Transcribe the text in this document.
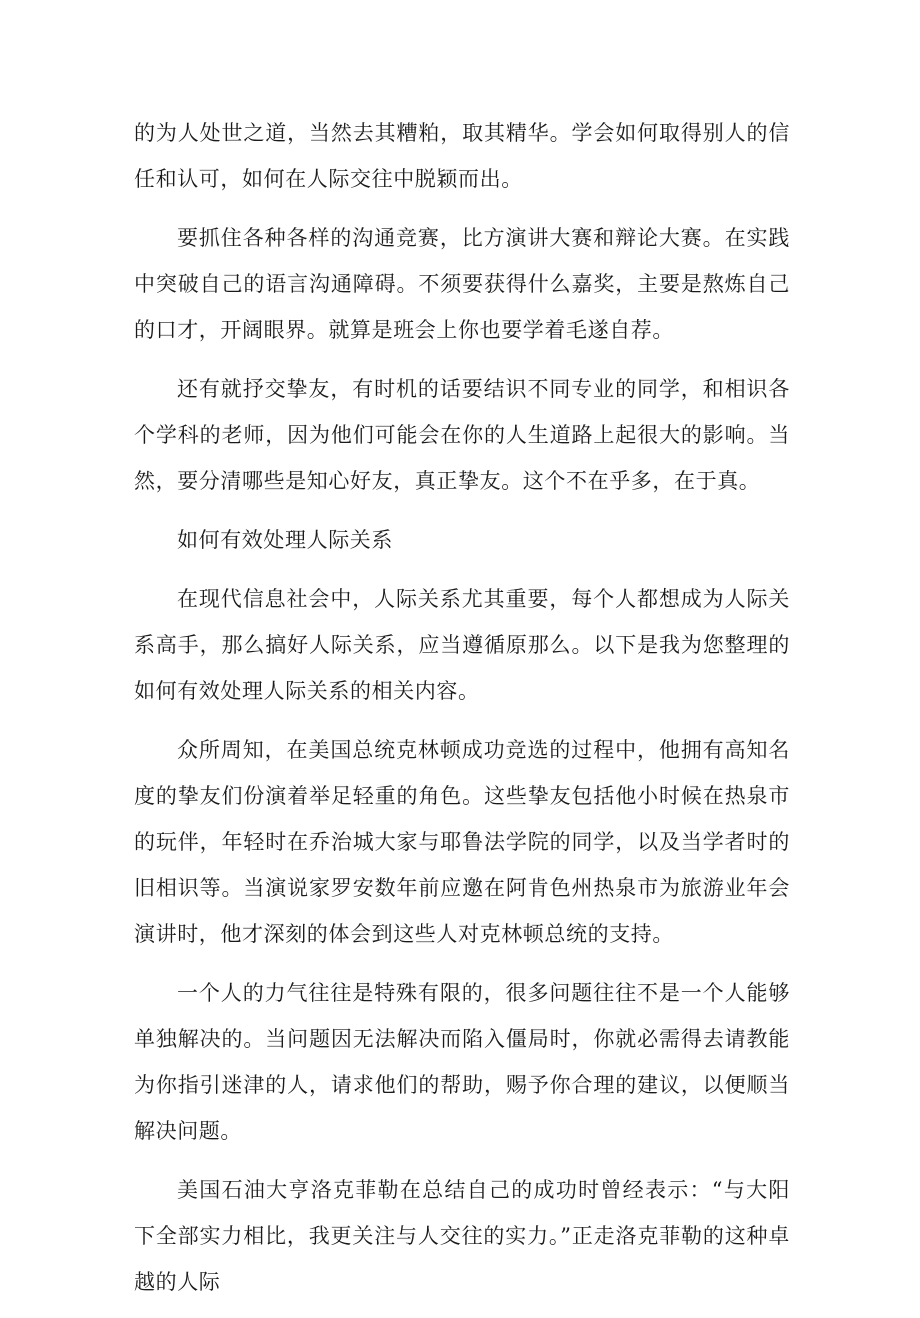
的为人处世之道，当然去其糟粕，取其精华。学会如何取得别人的信任和认可，如何在人际交往中脱颖而出。

要抓住各种各样的沟通竞赛，比方演讲大赛和辩论大赛。在实践中突破自己的语言沟通障碍。不须要获得什么嘉奖，主要是熬炼自己的口才，开阔眼界。就算是班会上你也要学着毛遂自荐。

还有就抒交挚友，有时机的话要结识不同专业的同学，和相识各个学科的老师，因为他们可能会在你的人生道路上起很大的影响。当然，要分清哪些是知心好友，真正挚友。这个不在乎多，在于真。

如何有效处理人际关系

在现代信息社会中，人际关系尤其重要，每个人都想成为人际关系高手，那么搞好人际关系，应当遵循原那么。以下是我为您整理的如何有效处理人际关系的相关内容。

众所周知，在美国总统克林顿成功竞选的过程中，他拥有高知名度的挚友们份演着举足轻重的角色。这些挚友包括他小时候在热泉市的玩伴，年轻时在乔治城大家与耶鲁法学院的同学，以及当学者时的旧相识等。当演说家罗安数年前应邀在阿肯色州热泉市为旅游业年会演讲时，他才深刻的体会到这些人对克林顿总统的支持。

一个人的力气往往是特殊有限的，很多问题往往不是一个人能够单独解决的。当问题因无法解决而陷入僵局时，你就必需得去请教能为你指引迷津的人，请求他们的帮助，赐予你合理的建议，以便顺当解决问题。

美国石油大亨洛克菲勒在总结自己的成功时曾经表示：“与大阳下全部实力相比，我更关注与人交往的实力。”正走洛克菲勒的这种卓越的人际
